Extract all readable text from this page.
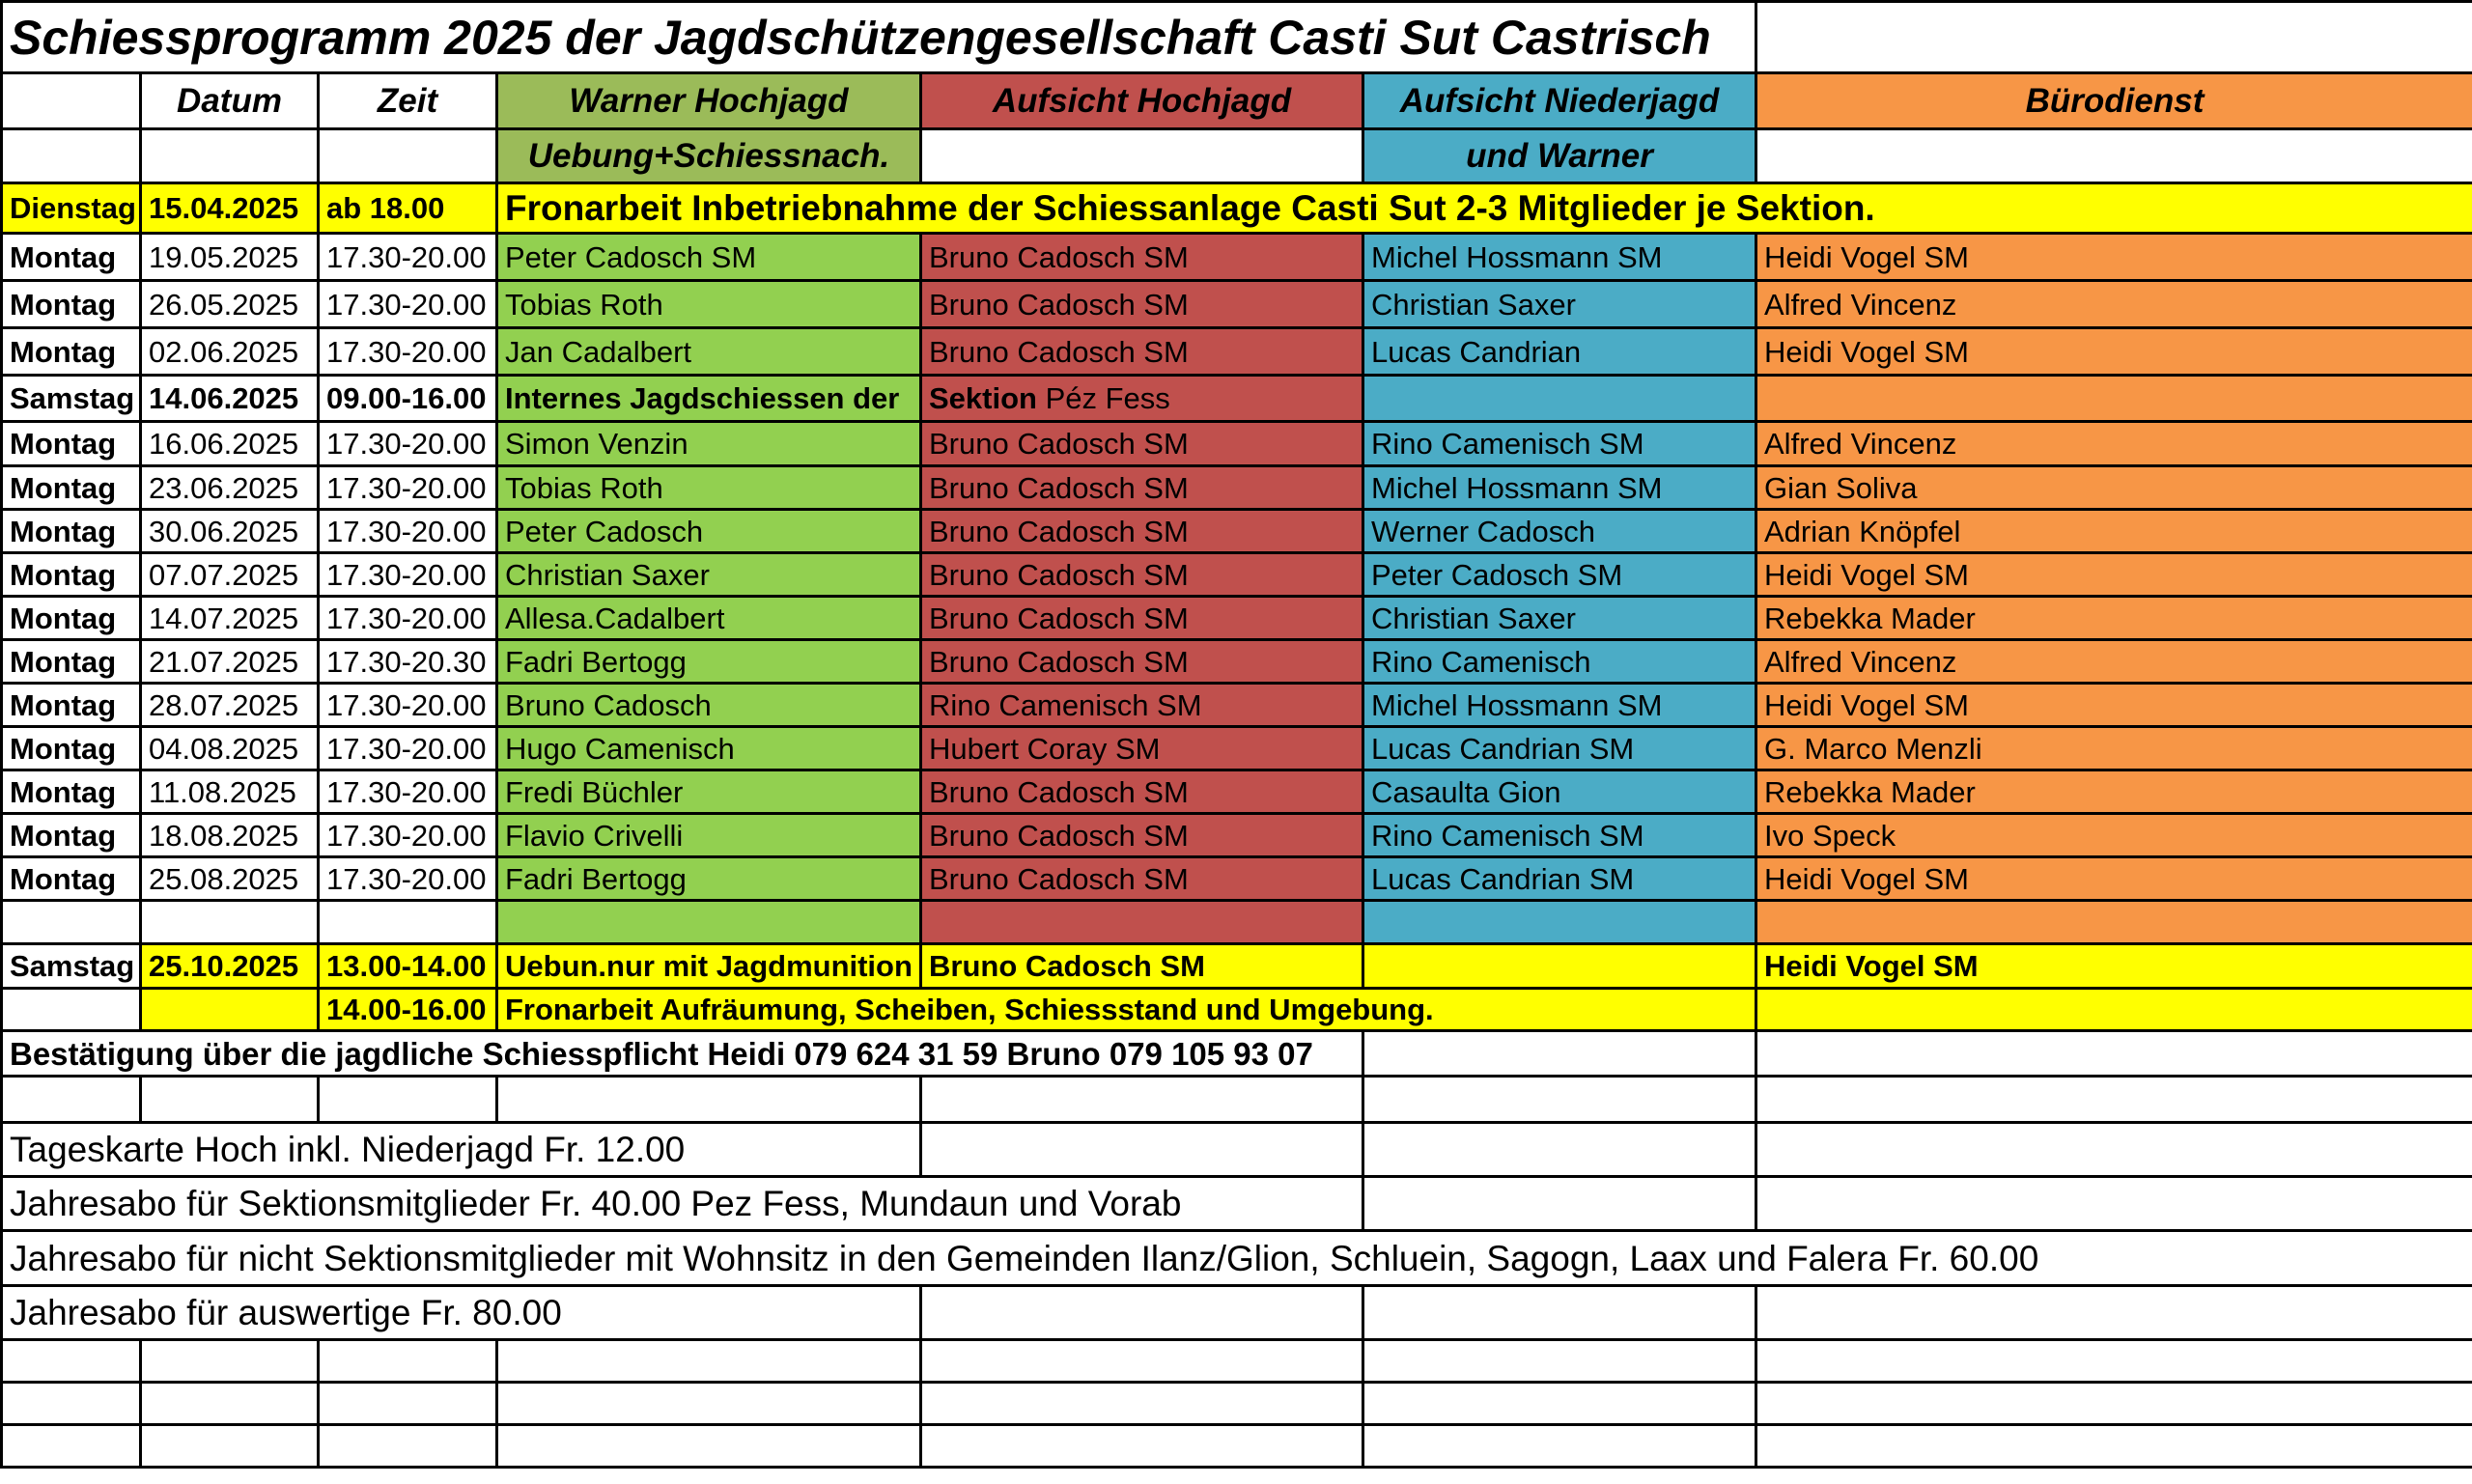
Schiessprogramm 2025 der Jagdschützengesellschaft Casti Sut Castrisch						
	Datum	Zeit	Warner Hochjagd	Aufsicht Hochjagd	Aufsicht Niederjagd	Bürodienst
			Uebung+Schiessnach.		und Warner	
Dienstag	15.04.2025	ab 18.00	Fronarbeit Inbetriebnahme der Schiessanlage Casti Sut 2-3 Mitglieder je Sektion.			
Montag	19.05.2025	17.30-20.00	Peter Cadosch SM	Bruno Cadosch SM	Michel Hossmann SM	Heidi Vogel SM
Montag	26.05.2025	17.30-20.00	Tobias Roth	Bruno Cadosch SM	Christian Saxer	Alfred Vincenz
Montag	02.06.2025	17.30-20.00	Jan Cadalbert	Bruno Cadosch SM	Lucas Candrian	Heidi Vogel SM
Samstag	14.06.2025	09.00-16.00	Internes Jagdschiessen der	Sektion Péz Fess		
Montag	16.06.2025	17.30-20.00	Simon Venzin	Bruno Cadosch SM	Rino Camenisch SM	Alfred Vincenz
Montag	23.06.2025	17.30-20.00	Tobias Roth	Bruno Cadosch SM	Michel Hossmann SM	Gian Soliva
Montag	30.06.2025	17.30-20.00	Peter Cadosch	Bruno Cadosch SM	Werner Cadosch	Adrian Knöpfel
Montag	07.07.2025	17.30-20.00	Christian Saxer	Bruno Cadosch SM	Peter Cadosch SM	Heidi Vogel SM
Montag	14.07.2025	17.30-20.00	Allesa.Cadalbert	Bruno Cadosch SM	Christian Saxer	Rebekka Mader
Montag	21.07.2025	17.30-20.30	Fadri Bertogg	Bruno Cadosch SM	Rino Camenisch	Alfred Vincenz
Montag	28.07.2025	17.30-20.00	Bruno Cadosch	Rino Camenisch SM	Michel Hossmann SM	Heidi Vogel SM
Montag	04.08.2025	17.30-20.00	Hugo Camenisch	Hubert Coray SM	Lucas Candrian SM	G. Marco Menzli
Montag	11.08.2025	17.30-20.00	Fredi Büchler	Bruno Cadosch SM	Casaulta Gion	Rebekka Mader
Montag	18.08.2025	17.30-20.00	Flavio Crivelli	Bruno Cadosch SM	Rino Camenisch SM	Ivo Speck
Montag	25.08.2025	17.30-20.00	Fadri Bertogg	Bruno Cadosch SM	Lucas Candrian SM	Heidi Vogel SM

Samstag	25.10.2025	13.00-14.00	Uebun.nur mit Jagdmunition	Bruno Cadosch SM		Heidi Vogel SM
		14.00-16.00	Fronarbeit Aufräumung, Scheiben, Schiessstand und Umgebung.			
Bestätigung über die jagdliche Schiesspflicht Heidi 079 624 31 59 Bruno 079 105 93 07						

Tageskarte Hoch inkl. Niederjagd Fr. 12.00						
Jahresabo für Sektionsmitglieder Fr. 40.00 Pez Fess, Mundaun und Vorab						
Jahresabo für nicht Sektionsmitglieder mit Wohnsitz in den Gemeinden Ilanz/Glion, Schluein, Sagogn, Laax und Falera Fr. 60.00						
Jahresabo für auswertige Fr. 80.00						
